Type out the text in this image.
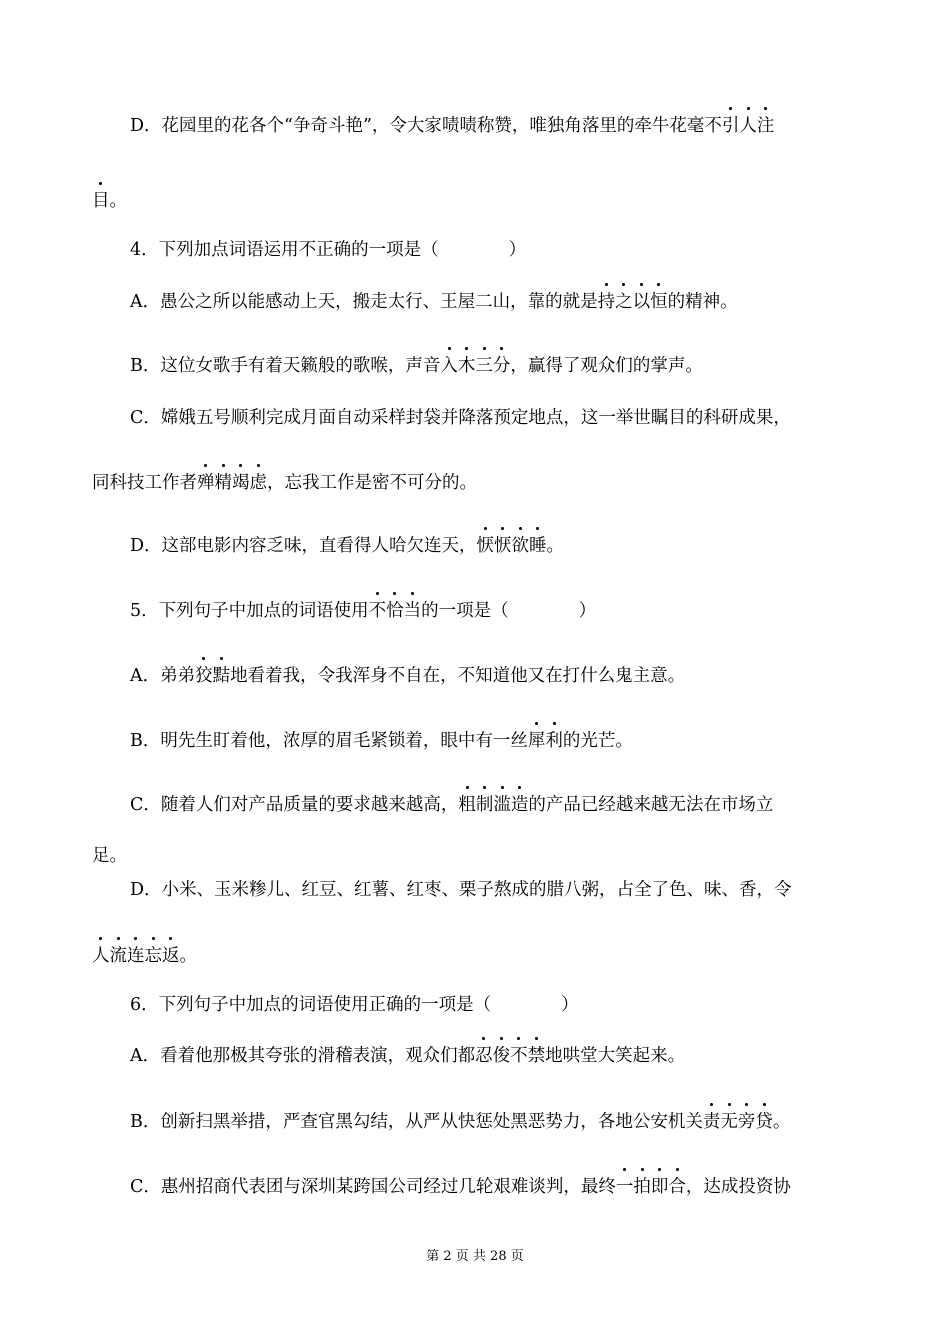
D．花园里的花各个“争奇斗艳”，令大家啧啧称赞，唯独角落里的牵牛花毫不引人注
目。
4．下列加点词语运用不正确的一项是（　　　　）
A．愚公之所以能感动上天，搬走太行、王屋二山，靠的就是持之以恒的精神。
B．这位女歌手有着天籁般的歌喉，声音入木三分，赢得了观众们的掌声。
C．嫦娥五号顺利完成月面自动采样封袋并降落预定地点，这一举世瞩目的科研成果，
同科技工作者殚精竭虑，忘我工作是密不可分的。
D．这部电影内容乏味，直看得人哈欠连天，恹恹欲睡。
5．下列句子中加点的词语使用不恰当的一项是（　　　　）
A．弟弟狡黠地看着我，令我浑身不自在，不知道他又在打什么鬼主意。
B．明先生盯着他，浓厚的眉毛紧锁着，眼中有一丝犀利的光芒。
C．随着人们对产品质量的要求越来越高，粗制滥造的产品已经越来越无法在市场立
足。
D．小米、玉米糁儿、红豆、红薯、红枣、栗子熬成的腊八粥，占全了色、味、香，令
人流连忘返。
6．下列句子中加点的词语使用正确的一项是（　　　　）
A．看着他那极其夸张的滑稽表演，观众们都忍俊不禁地哄堂大笑起来。
B．创新扫黑举措，严查官黑勾结，从严从快惩处黑恶势力，各地公安机关责无旁贷。
C．惠州招商代表团与深圳某跨国公司经过几轮艰难谈判，最终一拍即合，达成投资协
第 2 页 共 28 页
